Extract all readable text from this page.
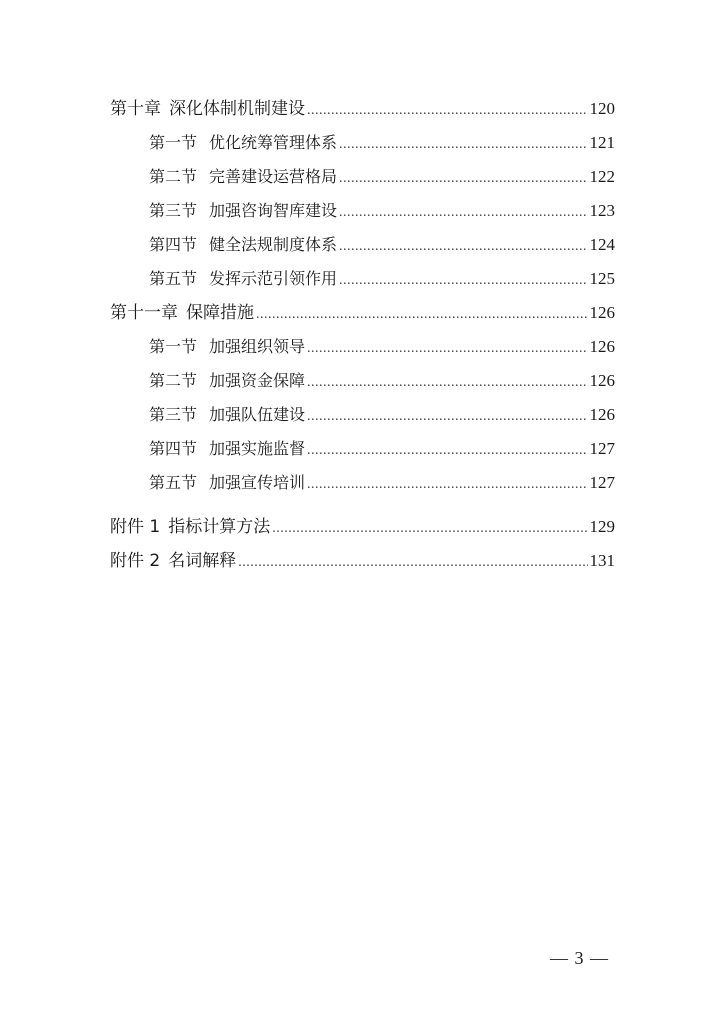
第十章 深化体制机制建设 .....	120
第一节 优化统筹管理体系 .....	121
第二节 完善建设运营格局 .....	122
第三节 加强咨询智库建设 .....	123
第四节 健全法规制度体系 .....	124
第五节 发挥示范引领作用 .....	125
第十一章 保障措施 .....	126
第一节 加强组织领导 .....	126
第二节 加强资金保障 .....	126
第三节 加强队伍建设 .....	126
第四节 加强实施监督 .....	127
第五节 加强宣传培训 .....	127
附件 1 指标计算方法 .....	129
附件 2 名词解释 .....	131
— 3 —
